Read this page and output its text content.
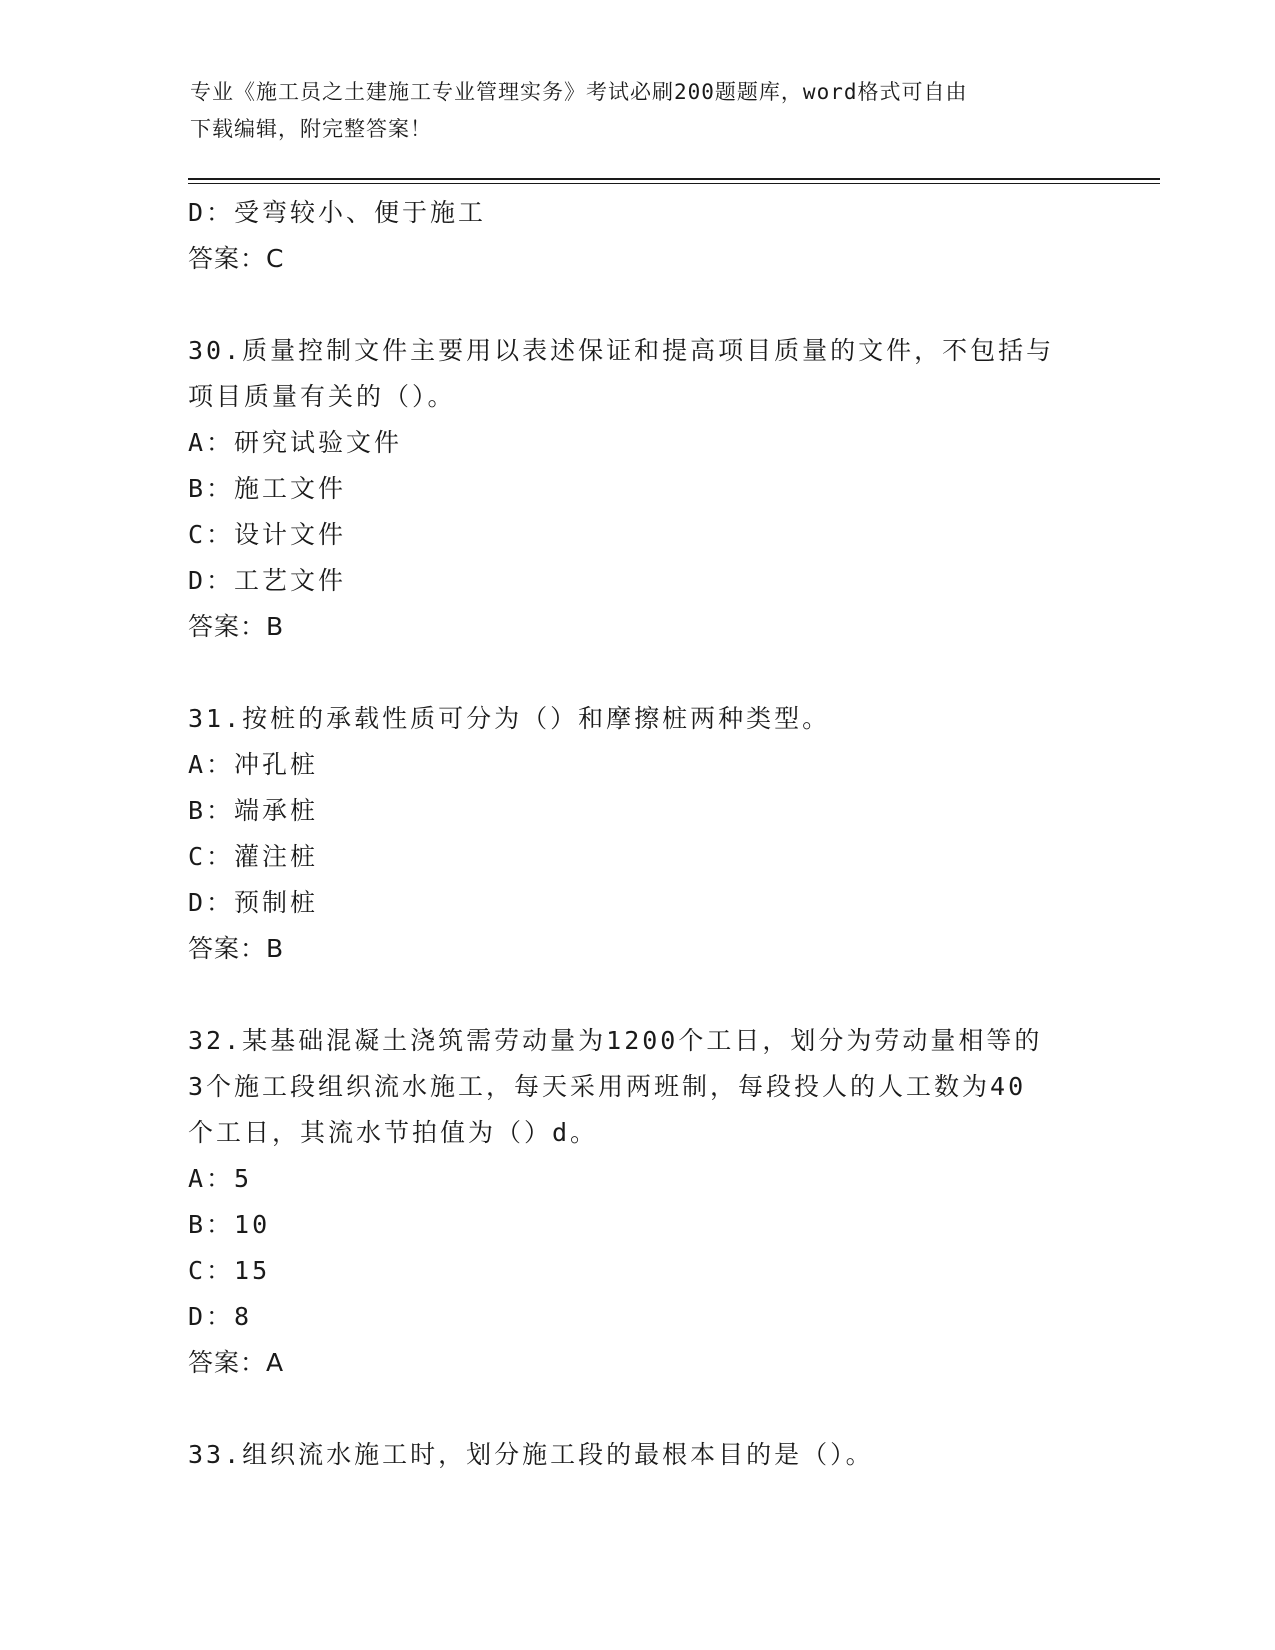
专业《施工员之土建施工专业管理实务》考试必刷200题题库，word格式可自由
下载编辑，附完整答案！
D：受弯较小、便于施工
答案：C
30.质量控制文件主要用以表述保证和提高项目质量的文件，不包括与
项目质量有关的（）。
A：研究试验文件
B：施工文件
C：设计文件
D：工艺文件
答案：B
31.按桩的承载性质可分为（）和摩擦桩两种类型。
A：冲孔桩
B：端承桩
C：灌注桩
D：预制桩
答案：B
32.某基础混凝土浇筑需劳动量为1200个工日，划分为劳动量相等的
3个施工段组织流水施工，每天采用两班制，每段投人的人工数为40
个工日，其流水节拍值为（）d。
A：5
B：10
C：15
D：8
答案：A
33.组织流水施工时，划分施工段的最根本目的是（）。
